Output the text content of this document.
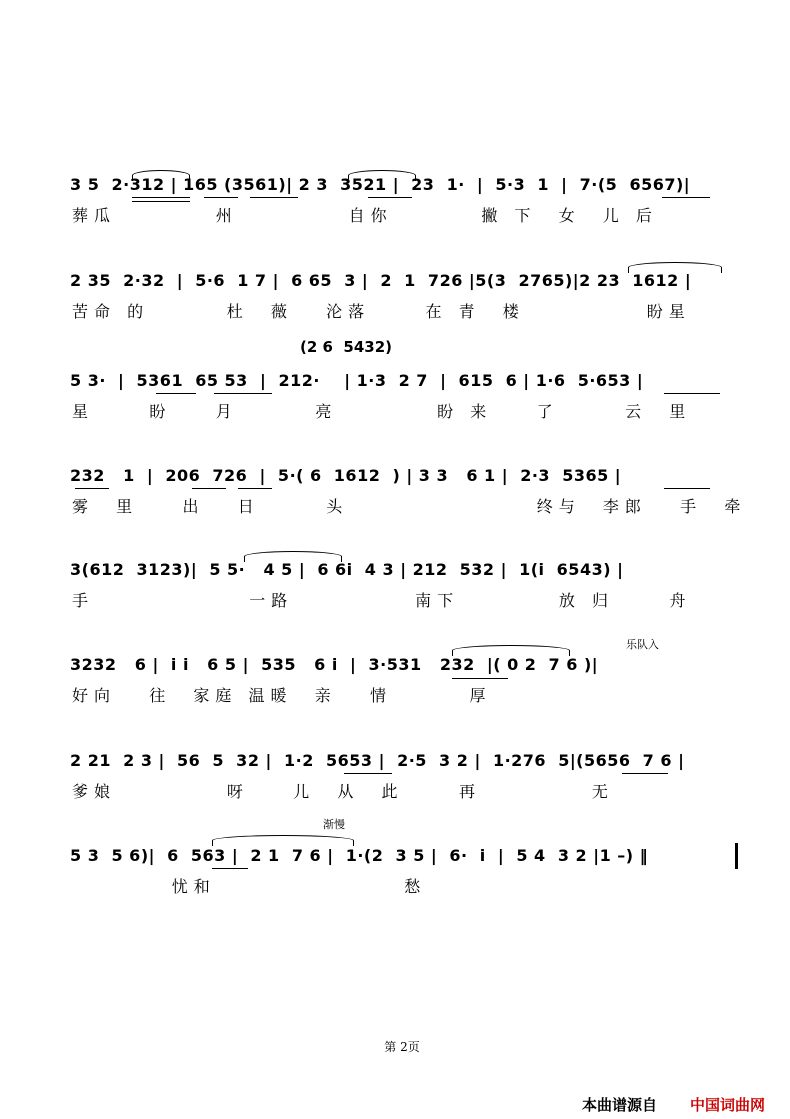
3 5  2·312 | 165 (3561)| 2 3  3521 |  23  1·  |  5·3  1  |  7·(5  6567)|
葬瓜         州          自你        撇 下  女  儿 后
2 35  2·32  |  5·6  1 7 |  6 65  3 |  2  1  726 |5(3  2765)|2 23  1612 |
苦命 的       杜  薇   沦落     在 青  楼           盼星
(2 6  5432)
5 3·  |  5361  65 53  |  212·    | 1·3  2 7  |  615  6 | 1·6  5·653 |
星     盼    月       亮         盼 来    了      云  里
232   1  |  206  726  |  5·( 6  1612  ) | 3 3   6 1 |  2·3  5365 |
雾  里    出   日      头                 终与  李郎   手  牵
3(612  3123)|  5 5·   4 5 |  6 6i  4 3 | 212  532 |  1(i  6543) |
手              一路           南下         放 归     舟
乐队入
3232   6 |  i i   6 5 |  535   6 i  |  3·531   232  |( 0 2  7 6 )|
好向   往  家庭 温暖  亲   情       厚
2 21  2 3 |  56  5  32 |  1·2  5653 |  2·5  3 2 |  1·276  5|(5656  7 6 |
爹娘          呀    儿  从  此     再          无
渐慢
5 3  5 6)|  6  563 |  2 1  7 6 |  1·(2  3 5 |  6·  i  |  5 4  3 2 |1 –) ‖
忧和                 愁
第 2页
本曲谱源自 中国词曲网
